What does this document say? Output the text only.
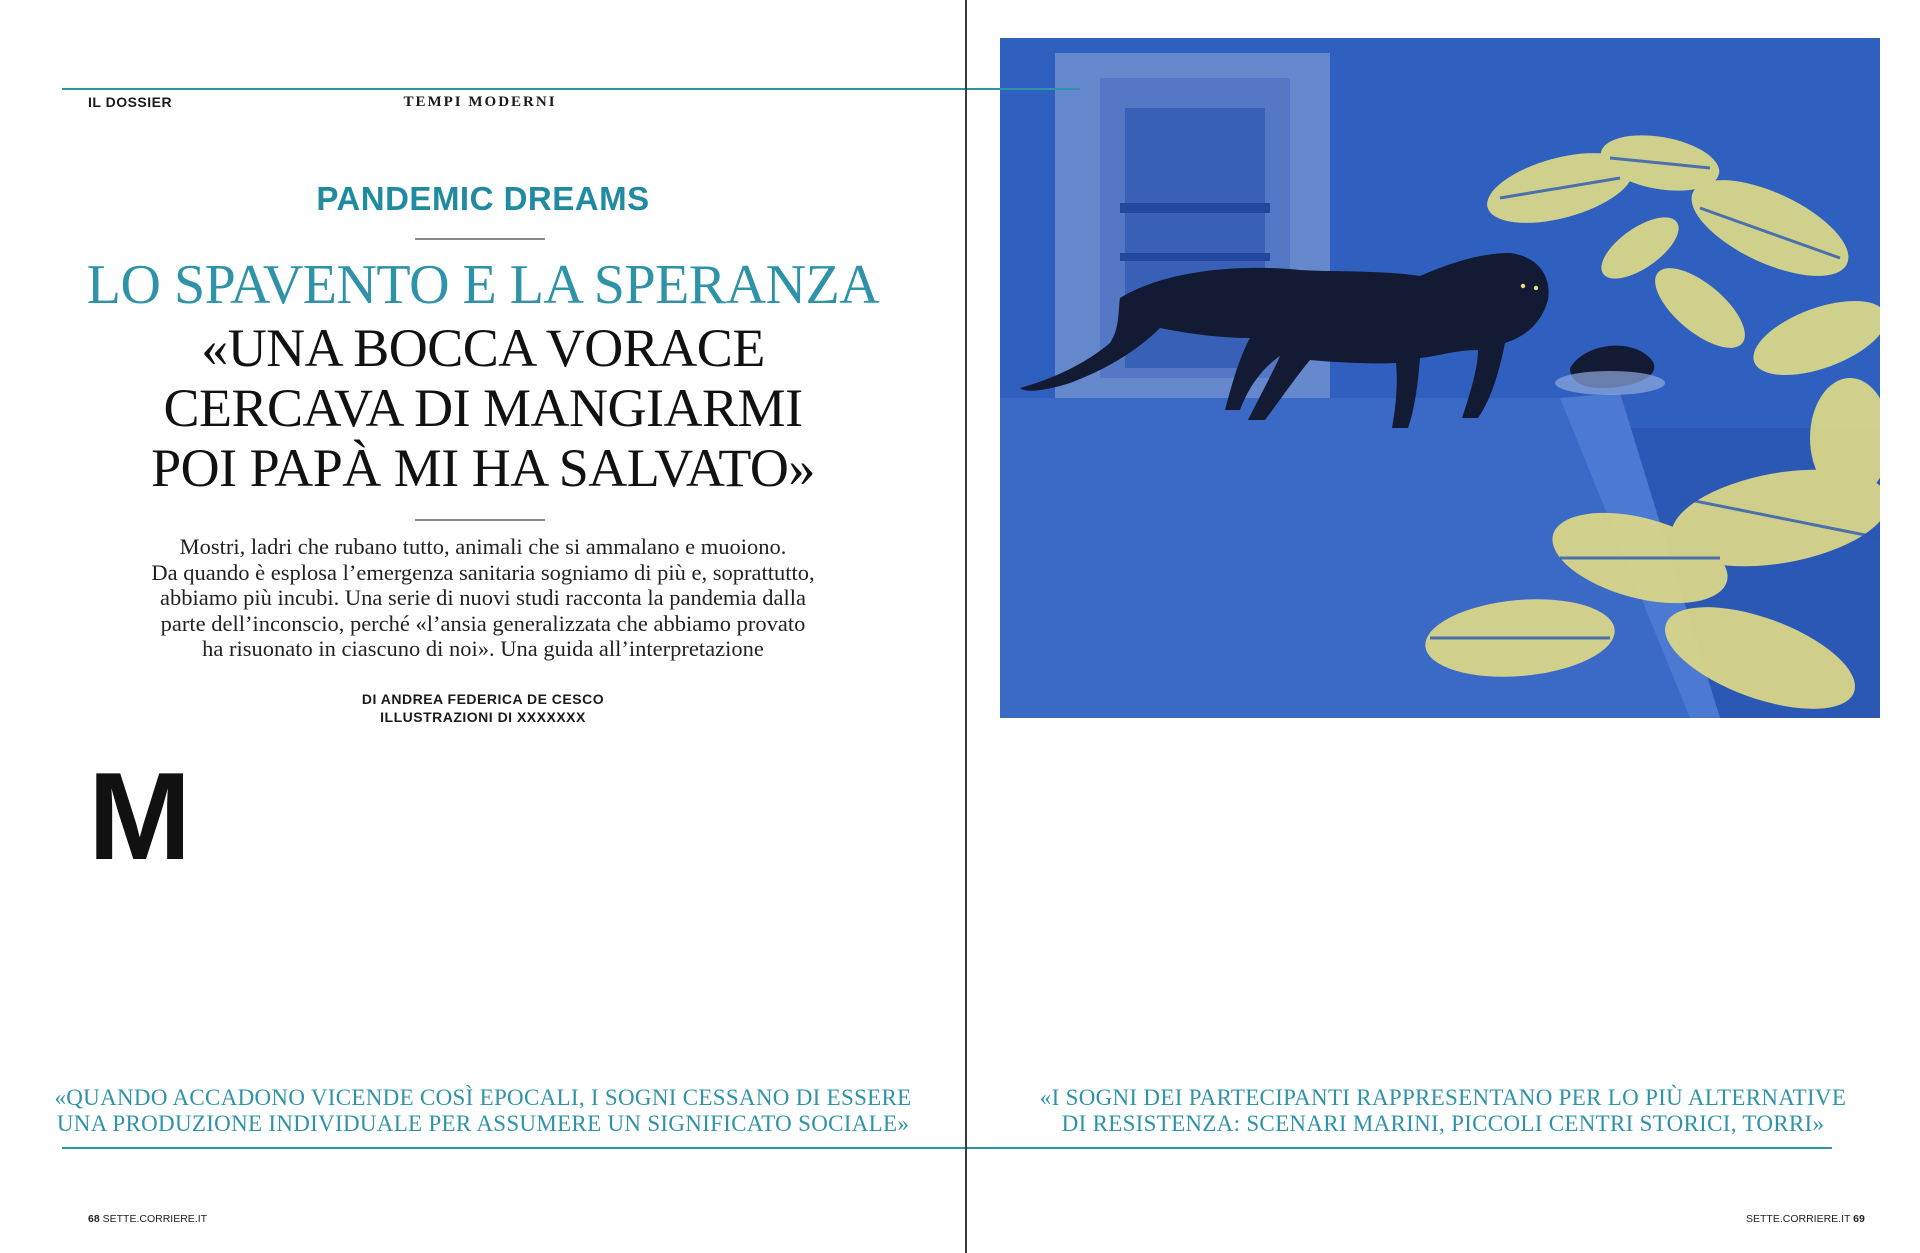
IL DOSSIER	TEMPI MODERNI
PANDEMIC DREAMS
LO SPAVENTO E LA SPERANZA
«UNA BOCCA VORACE
CERCAVA DI MANGIARMI
POI PAPÀ MI HA SALVATO»
Mostri, ladri che rubano tutto, animali che si ammalano e muoiono.
Da quando è esplosa l’emergenza sanitaria sogniamo di più e, soprattutto,
abbiamo più incubi. Una serie di nuovi studi racconta la pandemia dalla
parte dell’inconscio, perché «l’ansia generalizzata che abbiamo provato
ha risuonato in ciascuno di noi». Una guida all’interpretazione
DI ANDREA FEDERICA DE CESCO
ILLUSTRAZIONI DI XXXXXXX
M
«QUANDO ACCADONO VICENDE COSÌ EPOCALI, I SOGNI CESSANO DI ESSERE
UNA PRODUZIONE INDIVIDUALE PER ASSUMERE UN SIGNIFICATO SOCIALE»
68 SETTE.CORRIERE.IT
«I SOGNI DEI PARTECIPANTI RAPPRESENTANO PER LO PIÙ ALTERNATIVE
DI RESISTENZA: SCENARI MARINI, PICCOLI CENTRI STORICI, TORRI»
SETTE.CORRIERE.IT 69
